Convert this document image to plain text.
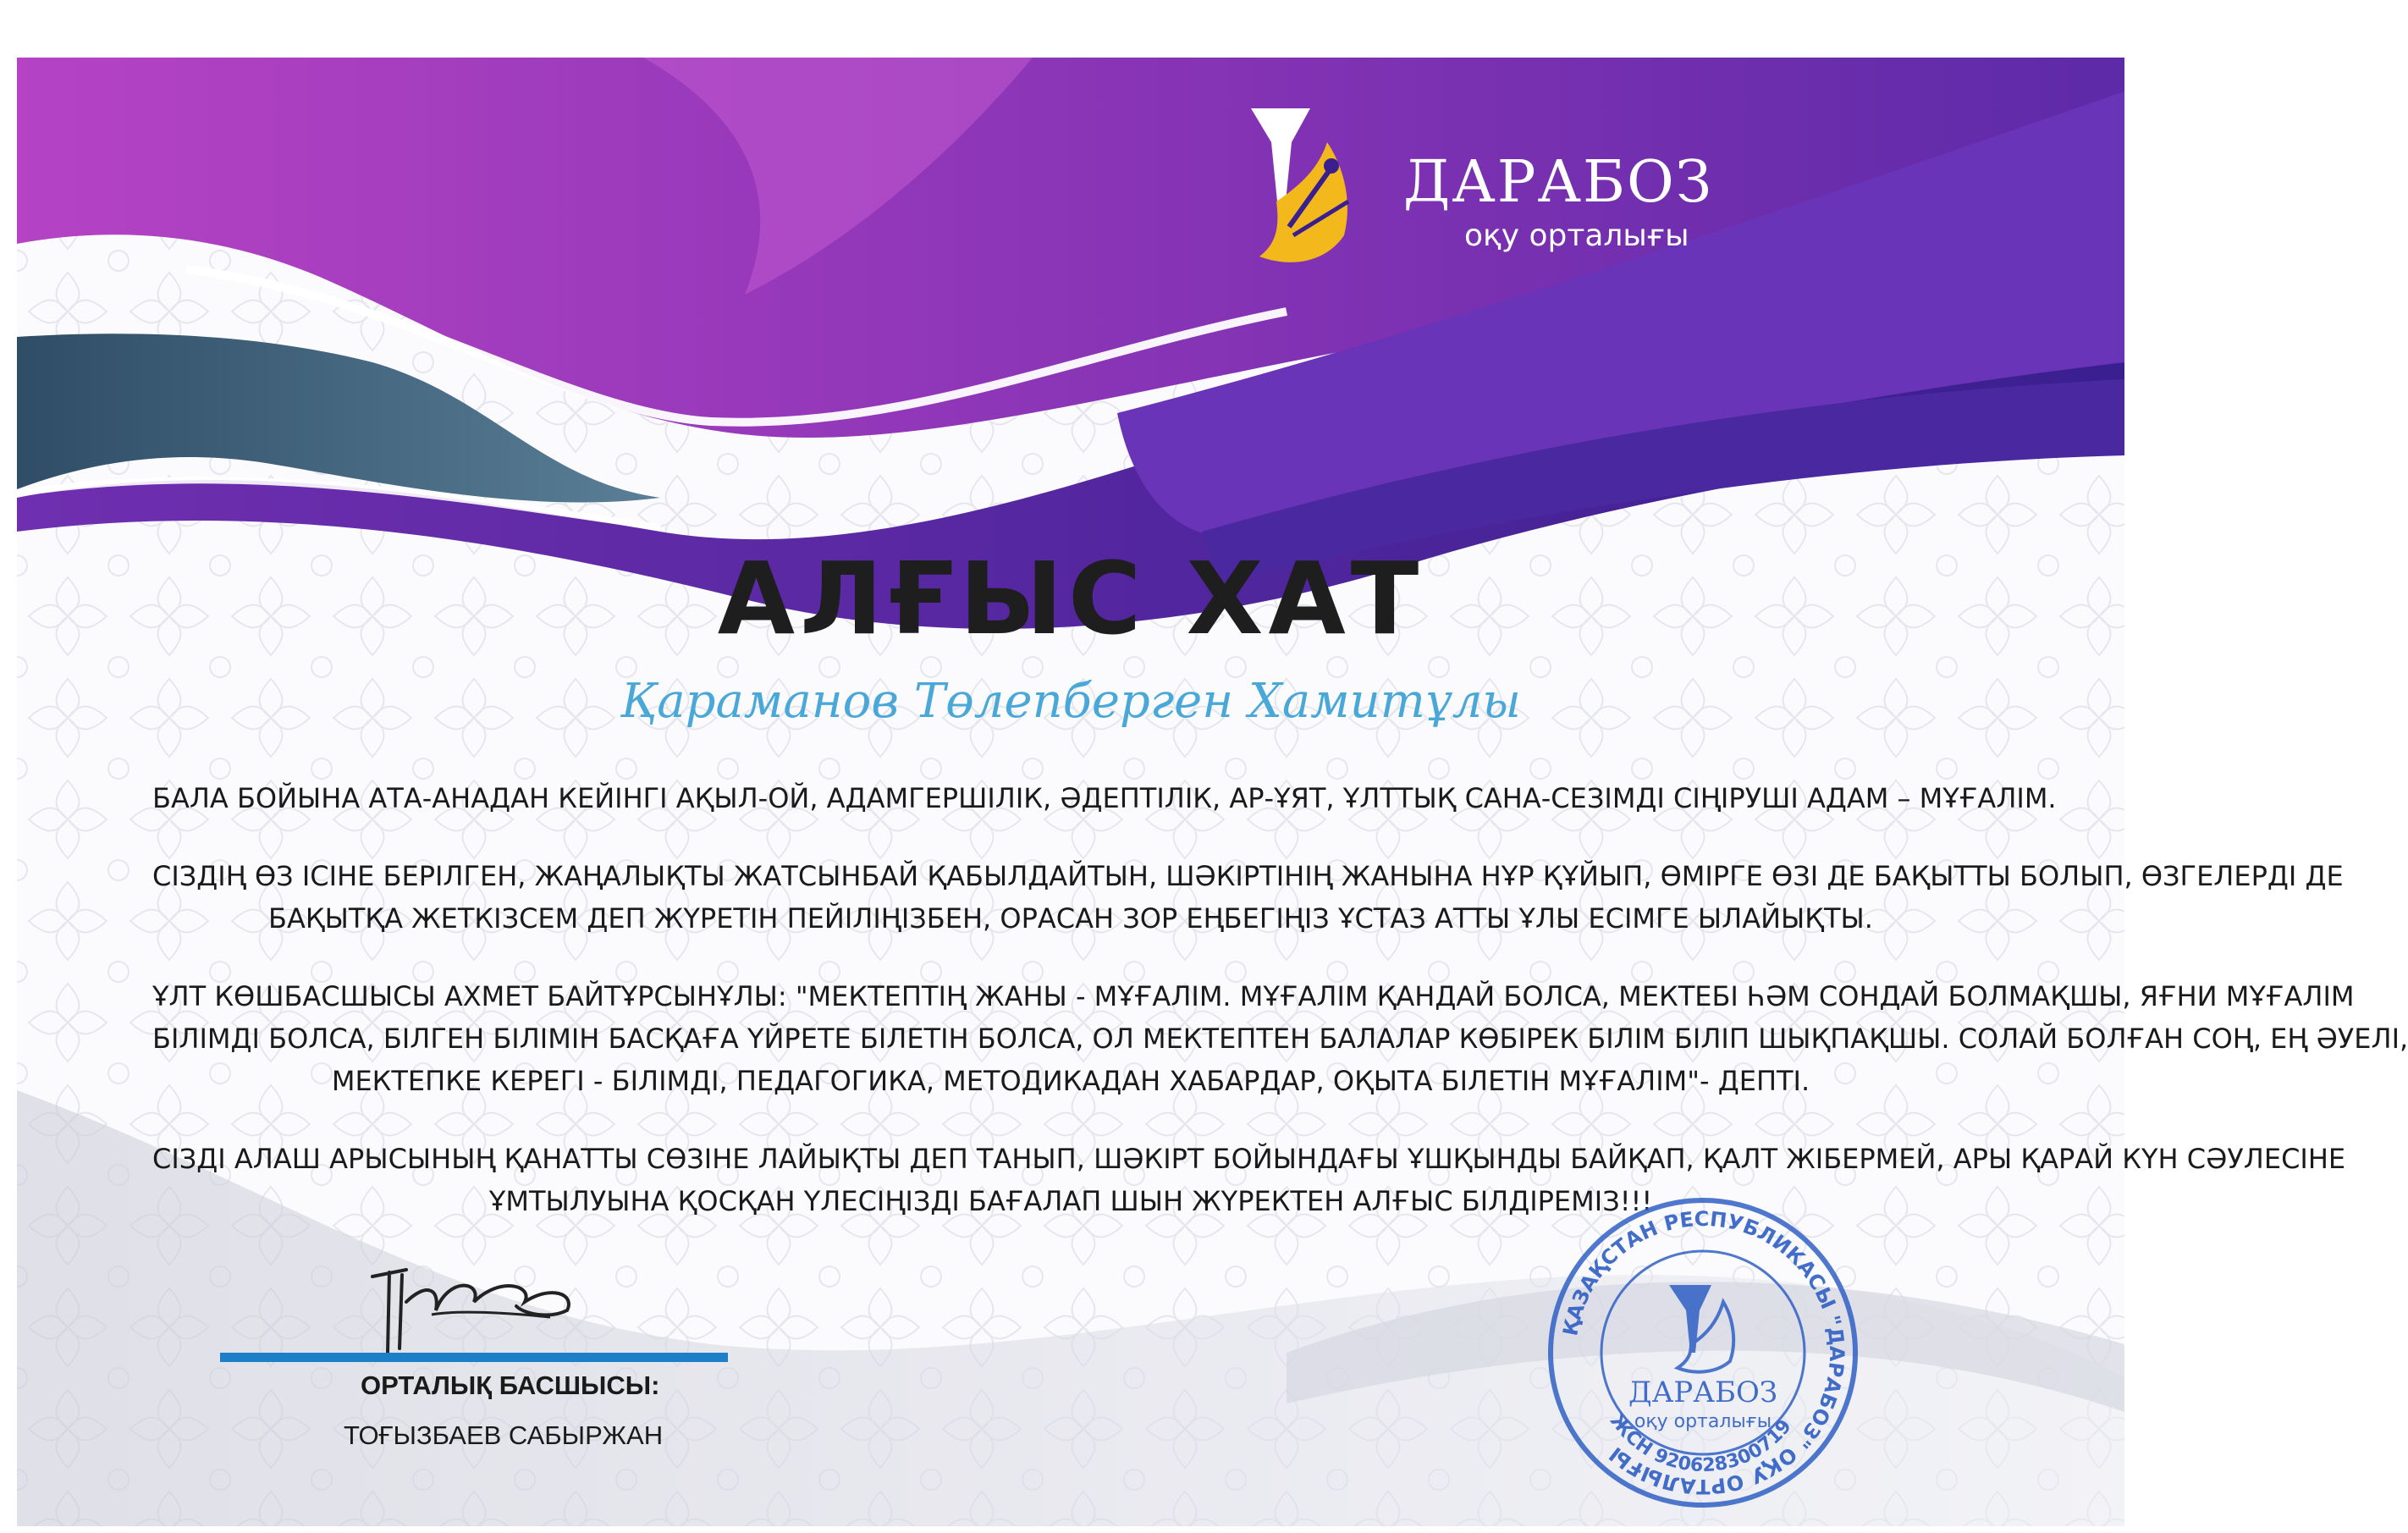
ДАРАБОЗ
оқу орталығы
АЛҒЫС ХАТ
Қараманов Төлепберген Хамитұлы

БАЛА БОЙЫНА АТА-АНАДАН КЕЙІНГІ АҚЫЛ-ОЙ, АДАМГЕРШІЛІК, ӘДЕПТІЛІК, АР-ҰЯТ, ҰЛТТЫҚ САНА-СЕЗІМДІ СІҢІРУШІ АДАМ – МҰҒАЛІМ.

СІЗДІҢ ӨЗ ІСІНЕ БЕРІЛГЕН, ЖАҢАЛЫҚТЫ ЖАТСЫНБАЙ ҚАБЫЛДАЙТЫН, ШӘКІРТІНІҢ ЖАНЫНА НҰР ҚҰЙЫП, ӨМІРГЕ ӨЗІ ДЕ БАҚЫТТЫ БОЛЫП, ӨЗГЕЛЕРДІ ДЕ
БАҚЫТҚА ЖЕТКІЗСЕМ ДЕП ЖҮРЕТІН ПЕЙІЛІҢІЗБЕН, ОРАСАН ЗОР ЕҢБЕГІҢІЗ ҰСТАЗ АТТЫ ҰЛЫ ЕСІМГЕ ЫЛАЙЫҚТЫ.

ҰЛТ КӨШБАСШЫСЫ АХМЕТ БАЙТҰРСЫНҰЛЫ: "МЕКТЕПТІҢ ЖАНЫ - МҰҒАЛІМ. МҰҒАЛІМ ҚАНДАЙ БОЛСА, МЕКТЕБІ ҺӘМ СОНДАЙ БОЛМАҚШЫ, ЯҒНИ МҰҒАЛІМ
БІЛІМДІ БОЛСА, БІЛГЕН БІЛІМІН БАСҚАҒА ҮЙРЕТЕ БІЛЕТІН БОЛСА, ОЛ МЕКТЕПТЕН БАЛАЛАР КӨБІРЕК БІЛІМ БІЛІП ШЫҚПАҚШЫ. СОЛАЙ БОЛҒАН СОҢ, ЕҢ ӘУЕЛІ,
МЕКТЕПКЕ КЕРЕГІ - БІЛІМДІ, ПЕДАГОГИКА, МЕТОДИКАДАН ХАБАРДАР, ОҚЫТА БІЛЕТІН МҰҒАЛІМ"- ДЕПТІ.

СІЗДІ АЛАШ АРЫСЫНЫҢ ҚАНАТТЫ СӨЗІНЕ ЛАЙЫҚТЫ ДЕП ТАНЫП, ШӘКІРТ БОЙЫНДАҒЫ ҰШҚЫНДЫ БАЙҚАП, ҚАЛТ ЖІБЕРМЕЙ, АРЫ ҚАРАЙ КҮН СӘУЛЕСІНЕ
ҰМТЫЛУЫНА ҚОСҚАН ҮЛЕСІҢІЗДІ БАҒАЛАП ШЫН ЖҮРЕКТЕН АЛҒЫС БІЛДІРЕМІЗ!!!

ОРТАЛЫҚ БАСШЫСЫ:
ТОҒЫЗБАЕВ САБЫРЖАН
ҚАЗАҚСТАН РЕСПУБЛИКАСЫ "ДАРАБОЗ" ОҚУ ОРТАЛЫҒЫ
ЖСН 920628300719
ДАРАБОЗ
оқу орталығы
